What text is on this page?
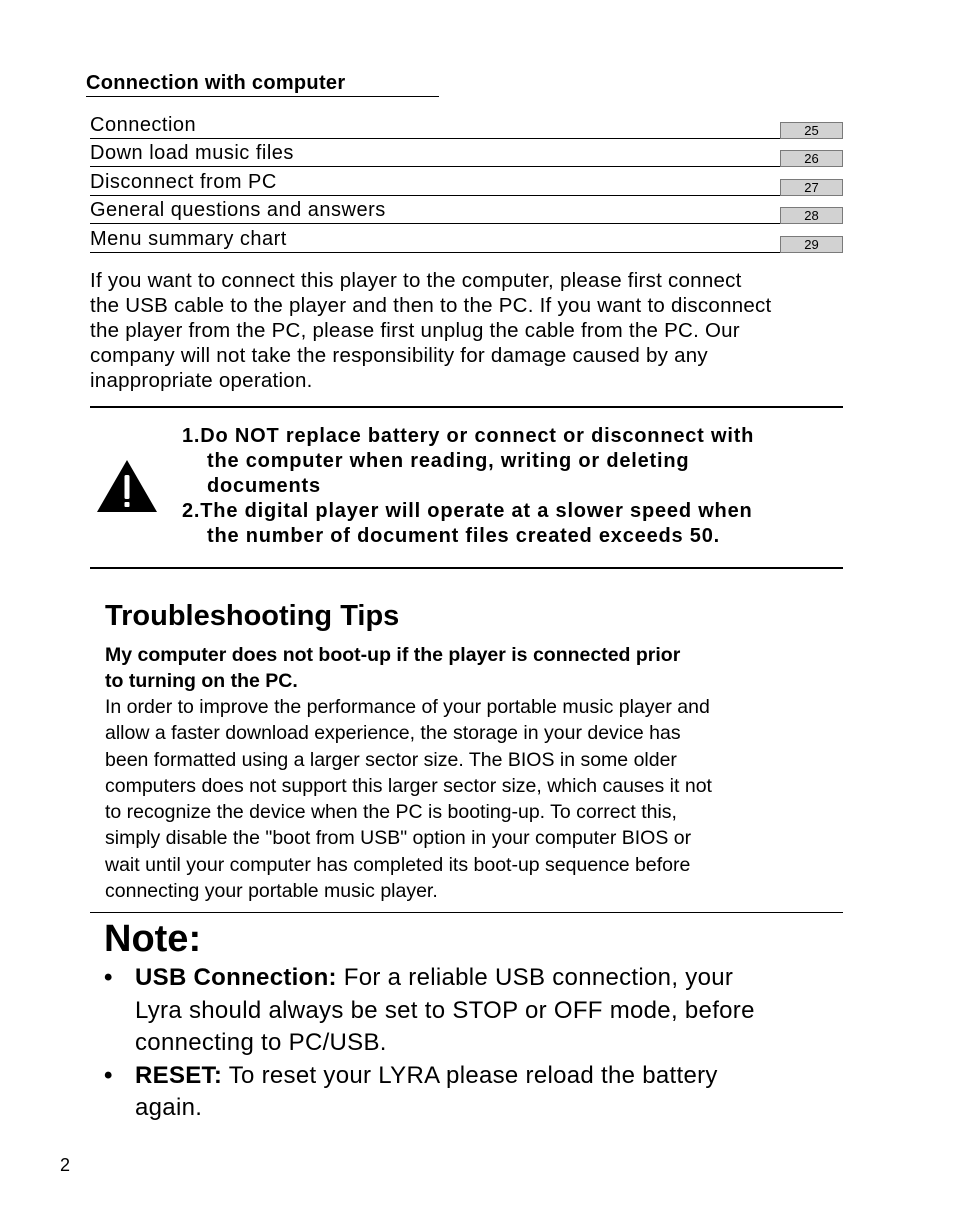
Connection with computer
Connection	25
Down load music files	26
Disconnect from PC	27
General questions and answers	28
Menu summary chart	29
If you want to connect this player to the computer, please first connect
the USB cable to the player and then to the PC. If you want to disconnect
the player from the PC, please first unplug the cable from the PC. Our
company will not take the responsibility for damage caused by any
inappropriate operation.
1.Do NOT replace battery or connect or disconnect with
the computer when reading, writing or deleting
documents
2.The digital player will operate at a slower speed when
the number of document files created exceeds 50.
Troubleshooting Tips
My computer does not boot-up if the player is connected prior
to turning on the PC.
In order to improve the performance of your portable music player and
allow a faster download experience, the storage in your device has
been formatted using a larger sector size. The BIOS in some older
computers does not support this larger sector size, which causes it not
to recognize the device when the PC is booting-up. To correct this,
simply disable the "boot from USB" option in your computer BIOS or
wait until your computer has completed its boot-up sequence before
connecting your portable music player.
Note:
• USB Connection: For a reliable USB connection, your
Lyra should always be set to STOP or OFF mode, before
connecting to PC/USB.
• RESET: To reset your LYRA please reload the battery
again.
2
